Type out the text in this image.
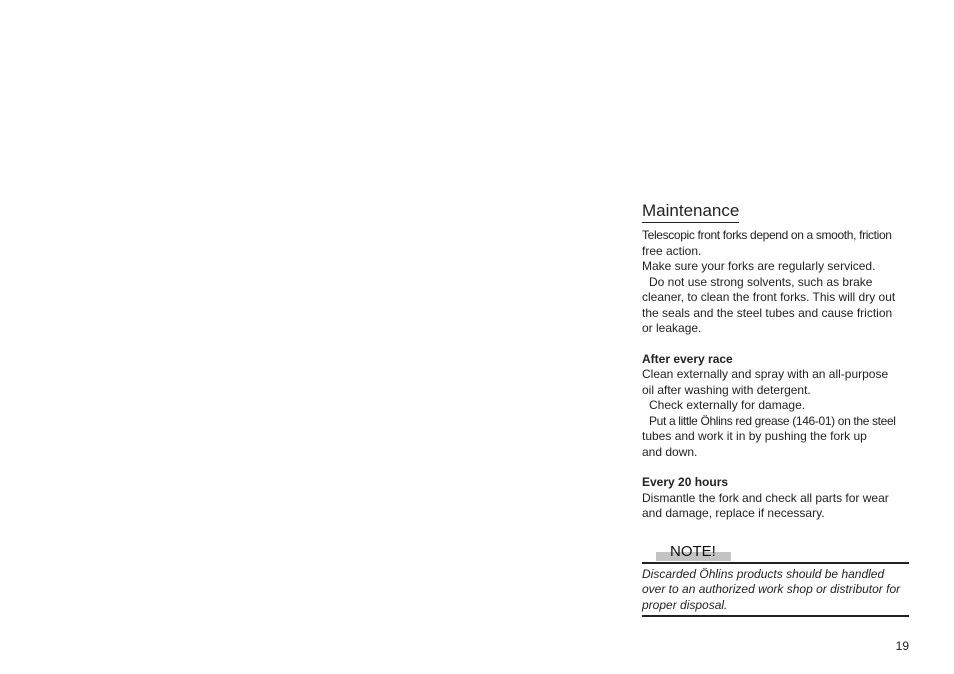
Maintenance

Telescopic front forks depend on a smooth, friction
free action.
Make sure your forks are regularly serviced.
Do not use strong solvents, such as brake
cleaner, to clean the front forks. This will dry out
the seals and the steel tubes and cause friction
or leakage.

After every race

Clean externally and spray with an all-purpose
oil after washing with detergent.
Check externally for damage.
Put a little Öhlins red grease (146-01) on the steel
tubes and work it in by pushing the fork up
and down.

Every 20 hours

Dismantle the fork and check all parts for wear
and damage, replace if necessary.

NOTE!

Discarded Öhlins products should be handled
over to an authorized work shop or distributor for
proper disposal.

19
